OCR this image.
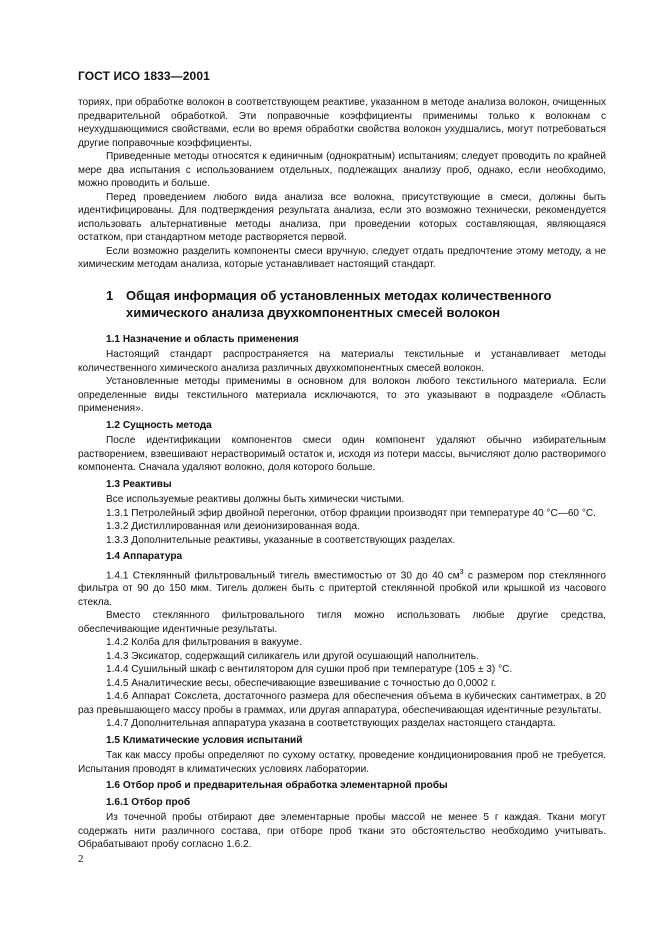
ГОСТ ИСО 1833—2001

ториях, при обработке волокон в соответствующем реактиве, указанном в методе анализа волокон, очищенных предварительной обработкой. Эти поправочные коэффициенты применимы только к волокнам с неухудшающимися свойствами, если во время обработки свойства волокон ухудшались, могут потребоваться другие поправочные коэффициенты.

Приведенные методы относятся к единичным (однократным) испытаниям; следует проводить по крайней мере два испытания с использованием отдельных, подлежащих анализу проб, однако, если необходимо, можно проводить и больше.

Перед проведением любого вида анализа все волокна, присутствующие в смеси, должны быть идентифицированы. Для подтверждения результата анализа, если это возможно технически, рекомендуется использовать альтернативные методы анализа, при проведении которых составляющая, являющаяся остатком, при стандартном методе растворяется первой.

Если возможно разделить компоненты смеси вручную, следует отдать предпочтение этому методу, а не химическим методам анализа, которые устанавливает настоящий стандарт.

1 Общая информация об установленных методах количественного химического анализа двухкомпонентных смесей волокон

1.1 Назначение и область применения

Настоящий стандарт распространяется на материалы текстильные и устанавливает методы количественного химического анализа различных двухкомпонентных смесей волокон.

Установленные методы применимы в основном для волокон любого текстильного материала. Если определенные виды текстильного материала исключаются, то это указывают в подразделе «Область применения».

1.2 Сущность метода

После идентификации компонентов смеси один компонент удаляют обычно избирательным растворением, взвешивают нерастворимый остаток и, исходя из потери массы, вычисляют долю растворимого компонента. Сначала удаляют волокно, доля которого больше.

1.3 Реактивы

Все используемые реактивы должны быть химически чистыми.

1.3.1 Петролейный эфир двойной перегонки, отбор фракции производят при температуре 40 °С—60 °С.

1.3.2 Дистиллированная или деионизированная вода.

1.3.3 Дополнительные реактивы, указанные в соответствующих разделах.

1.4 Аппаратура

1.4.1 Стеклянный фильтровальный тигель вместимостью от 30 до 40 $см^3$ с размером пор стеклянного фильтра от 90 до 150 мкм. Тигель должен быть с притертой стеклянной пробкой или крышкой из часового стекла.

Вместо стеклянного фильтровального тигля можно использовать любые другие средства, обеспечивающие идентичные результаты.

1.4.2 Колба для фильтрования в вакууме.

1.4.3 Эксикатор, содержащий силикагель или другой осушающий наполнитель.

1.4.4 Сушильный шкаф с вентилятором для сушки проб при температуре (105 ± 3) °С.

1.4.5 Аналитические весы, обеспечивающие взвешивание с точностью до 0,0002 г.

1.4.6 Аппарат Сокслета, достаточного размера для обеспечения объема в кубических сантиметрах, в 20 раз превышающего массу пробы в граммах, или другая аппаратура, обеспечивающая идентичные результаты.

1.4.7 Дополнительная аппаратура указана в соответствующих разделах настоящего стандарта.

1.5 Климатические условия испытаний

Так как массу пробы определяют по сухому остатку, проведение кондиционирования проб не требуется. Испытания проводят в климатических условиях лаборатории.

1.6 Отбор проб и предварительная обработка элементарной пробы

1.6.1 Отбор проб

Из точечной пробы отбирают две элементарные пробы массой не менее 5 г каждая. Ткани могут содержать нити различного состава, при отборе проб ткани это обстоятельство необходимо учитывать. Обрабатывают пробу согласно 1.6.2.

2
